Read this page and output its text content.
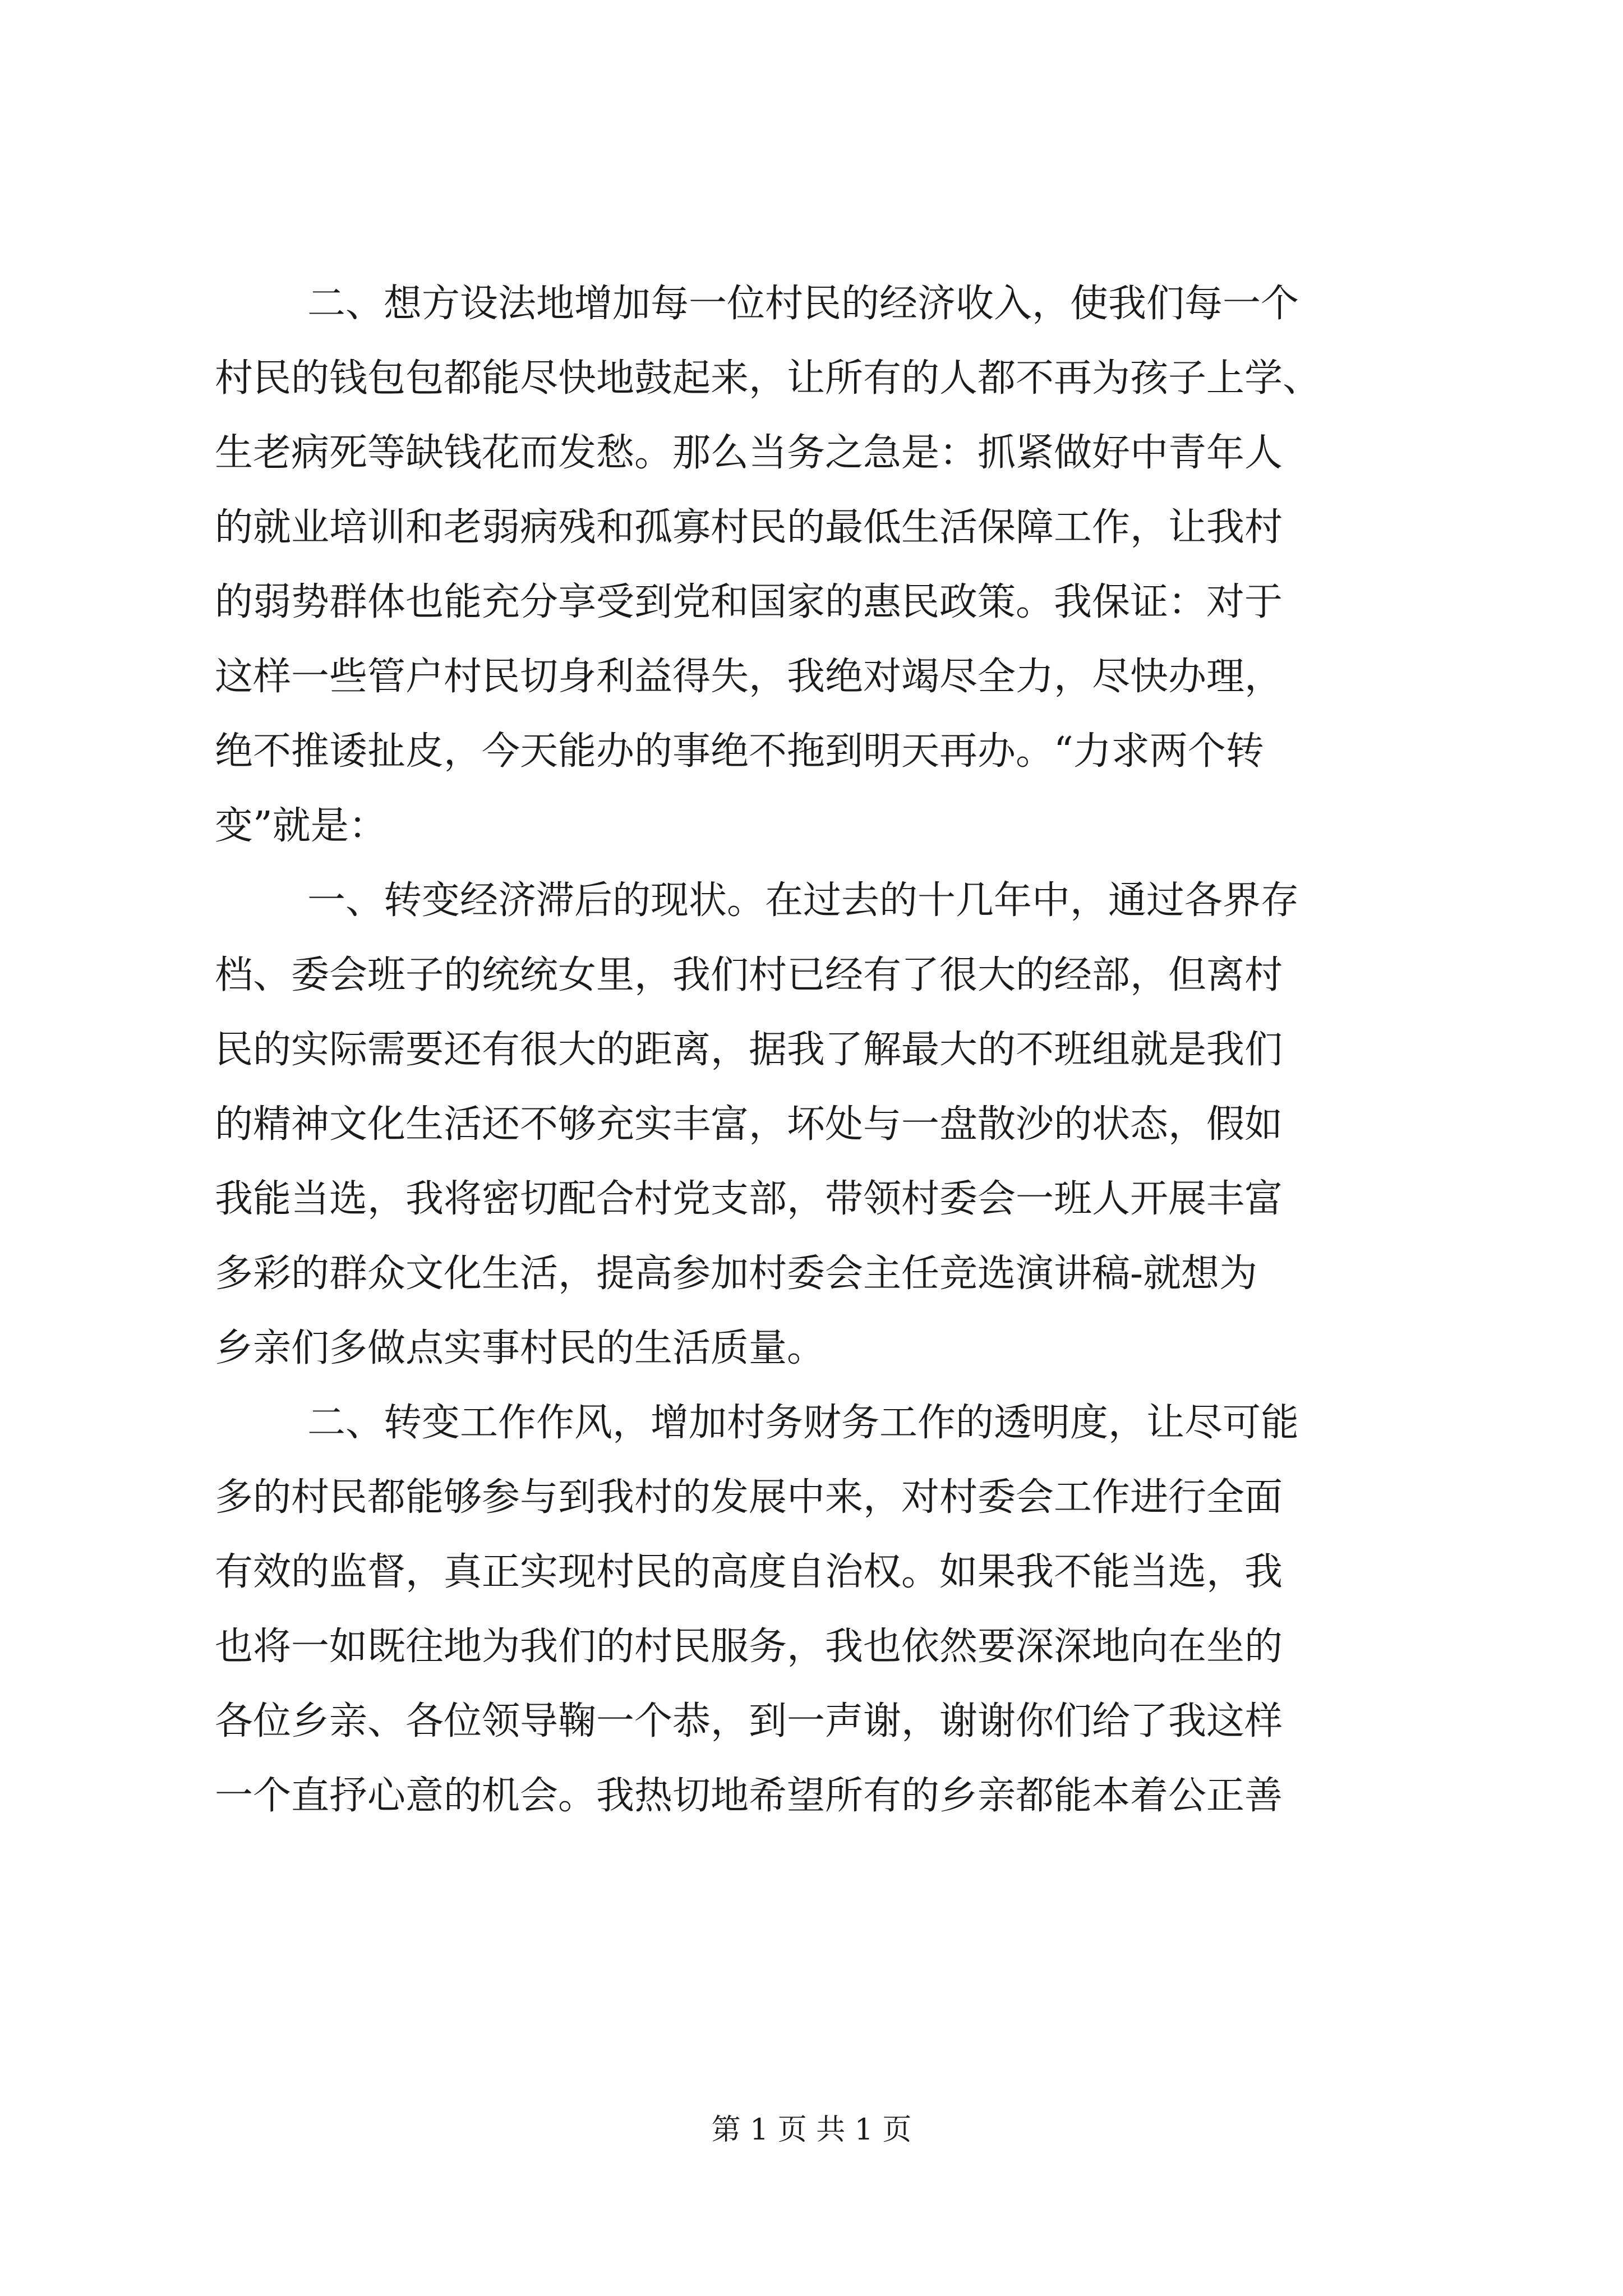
二、想方设法地增加每一位村民的经济收入，使我们每一个

村民的钱包包都能尽快地鼓起来，让所有的人都不再为孩子上学、

生老病死等缺钱花而发愁。那么当务之急是：抓紧做好中青年人

的就业培训和老弱病残和孤寡村民的最低生活保障工作，让我村

的弱势群体也能充分享受到党和国家的惠民政策。我保证：对于

这样一些管户村民切身利益得失，我绝对竭尽全力，尽快办理，

绝不推诿扯皮，今天能办的事绝不拖到明天再办。“力求两个转

变”就是：

一、转变经济滞后的现状。在过去的十几年中，通过各界存

档、委会班子的统统女里，我们村已经有了很大的经部，但离村

民的实际需要还有很大的距离，据我了解最大的不班组就是我们

的精神文化生活还不够充实丰富，坏处与一盘散沙的状态，假如

我能当选，我将密切配合村党支部，带领村委会一班人开展丰富

多彩的群众文化生活，提高参加村委会主任竞选演讲稿-就想为

乡亲们多做点实事村民的生活质量。

二、转变工作作风，增加村务财务工作的透明度，让尽可能

多的村民都能够参与到我村的发展中来，对村委会工作进行全面

有效的监督，真正实现村民的高度自治权。如果我不能当选，我

也将一如既往地为我们的村民服务，我也依然要深深地向在坐的

各位乡亲、各位领导鞠一个恭，到一声谢，谢谢你们给了我这样

一个直抒心意的机会。我热切地希望所有的乡亲都能本着公正善

第 1 页 共 1 页
